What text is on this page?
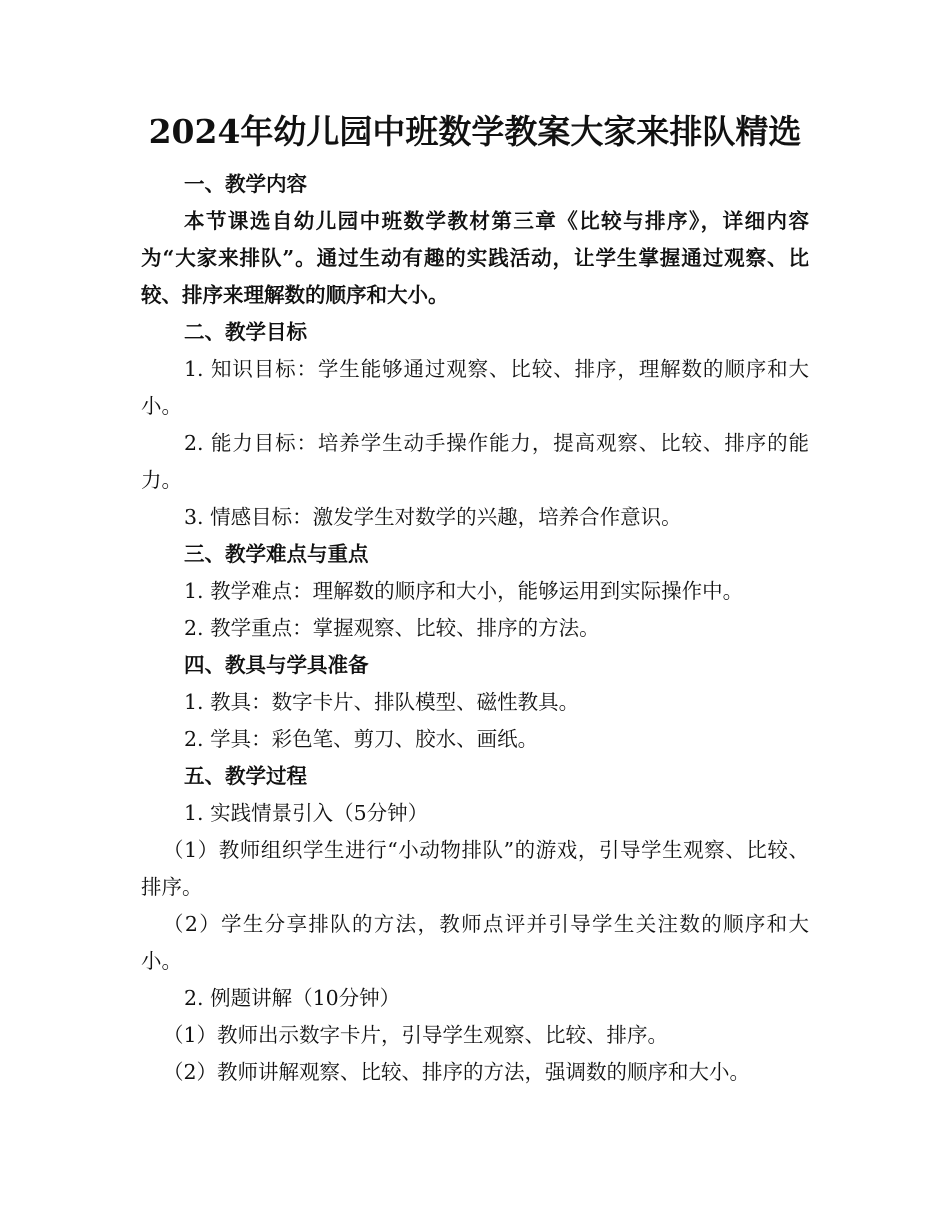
2024年幼儿园中班数学教案大家来排队精选

一、教学内容

本节课选自幼儿园中班数学教材第三章《比较与排序》，详细内容为“大家来排队”。通过生动有趣的实践活动，让学生掌握通过观察、比较、排序来理解数的顺序和大小。

二、教学目标

1. 知识目标：学生能够通过观察、比较、排序，理解数的顺序和大小。

2. 能力目标：培养学生动手操作能力，提高观察、比较、排序的能力。

3. 情感目标：激发学生对数学的兴趣，培养合作意识。

三、教学难点与重点

1. 教学难点：理解数的顺序和大小，能够运用到实际操作中。

2. 教学重点：掌握观察、比较、排序的方法。

四、教具与学具准备

1. 教具：数字卡片、排队模型、磁性教具。

2. 学具：彩色笔、剪刀、胶水、画纸。

五、教学过程

1. 实践情景引入（5分钟）

（1）教师组织学生进行“小动物排队”的游戏，引导学生观察、比较、排序。

（2）学生分享排队的方法，教师点评并引导学生关注数的顺序和大小。

2. 例题讲解（10分钟）

（1）教师出示数字卡片，引导学生观察、比较、排序。

（2）教师讲解观察、比较、排序的方法，强调数的顺序和大小。
